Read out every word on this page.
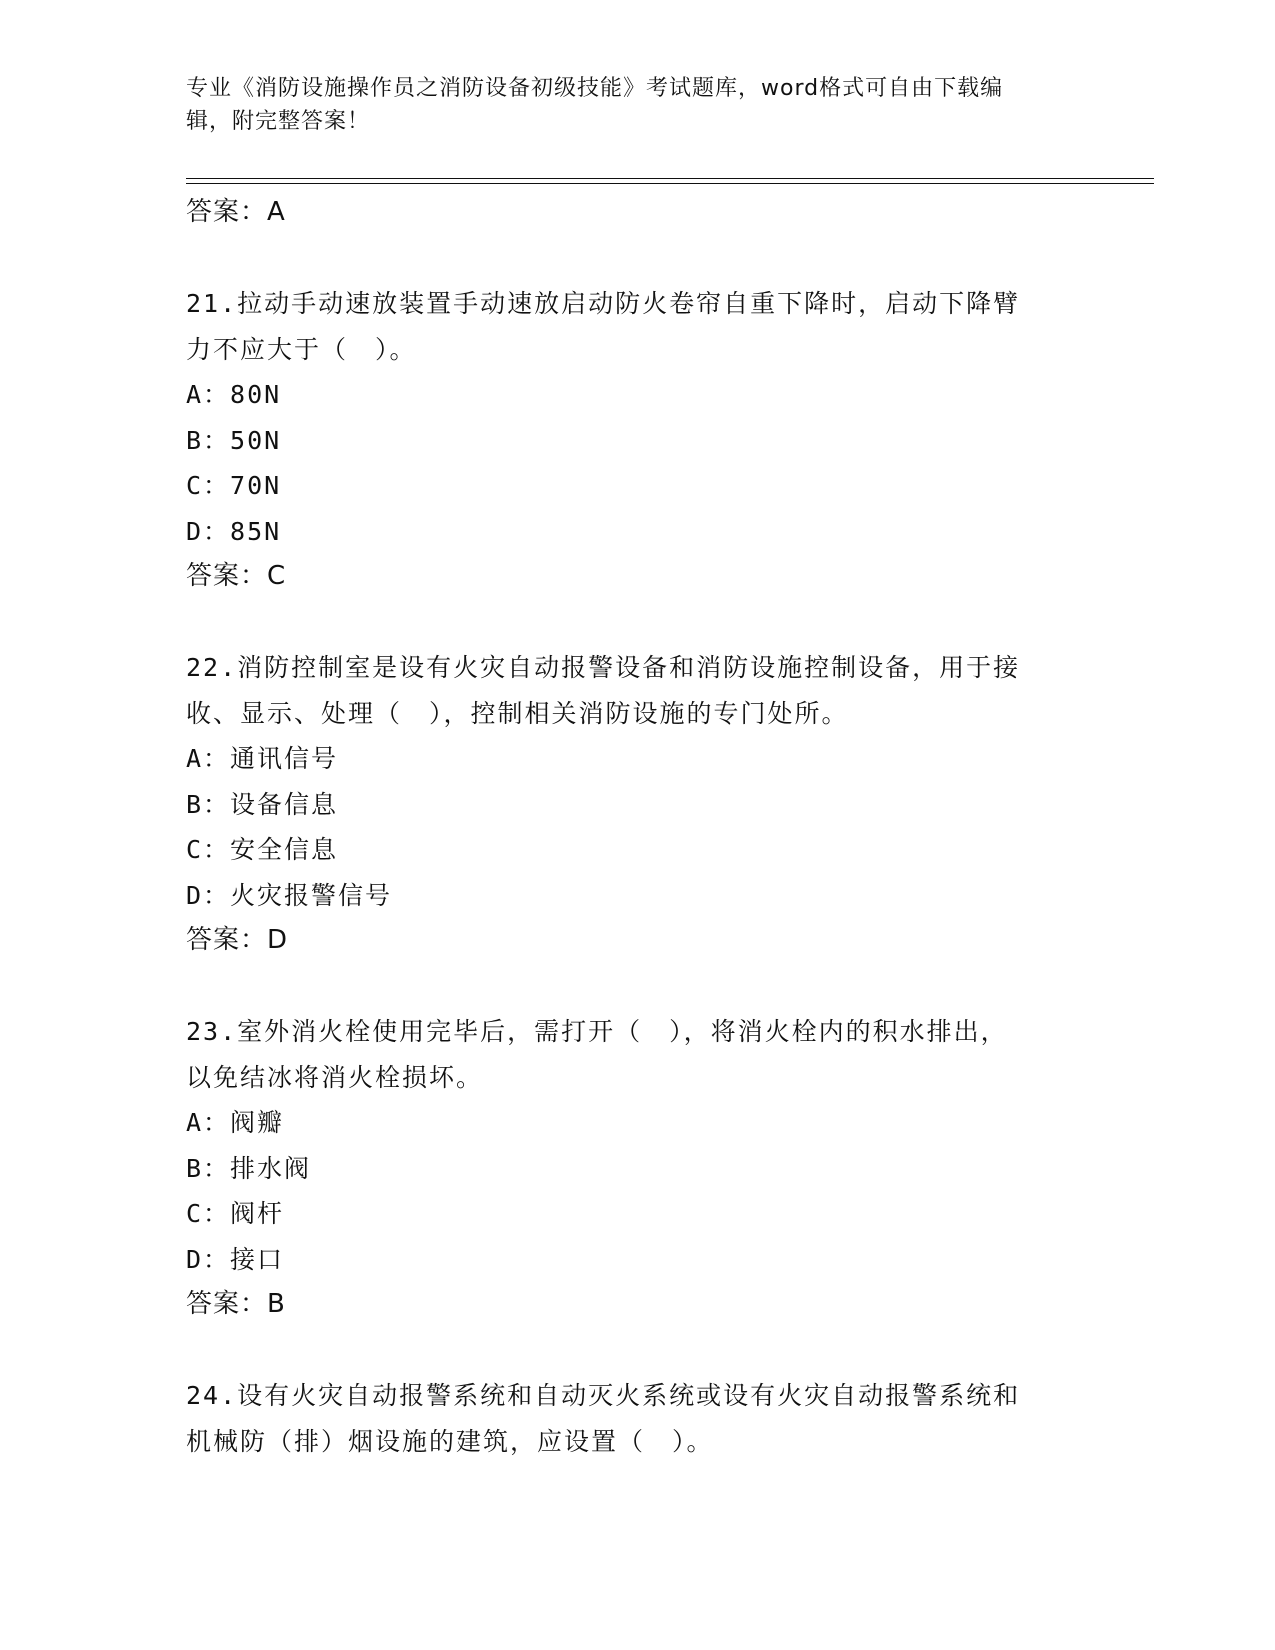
专业《消防设施操作员之消防设备初级技能》考试题库，word格式可自由下载编
辑，附完整答案！
答案：A
21.拉动手动速放装置手动速放启动防火卷帘自重下降时，启动下降臂
力不应大于（　）。
A：80N
B：50N
C：70N
D：85N
答案：C
22.消防控制室是设有火灾自动报警设备和消防设施控制设备，用于接
收、显示、处理（　），控制相关消防设施的专门处所。
A：通讯信号
B：设备信息
C：安全信息
D：火灾报警信号
答案：D
23.室外消火栓使用完毕后，需打开（　），将消火栓内的积水排出，
以免结冰将消火栓损坏。
A：阀瓣
B：排水阀
C：阀杆
D：接口
答案：B
24.设有火灾自动报警系统和自动灭火系统或设有火灾自动报警系统和
机械防（排）烟设施的建筑，应设置（　）。
